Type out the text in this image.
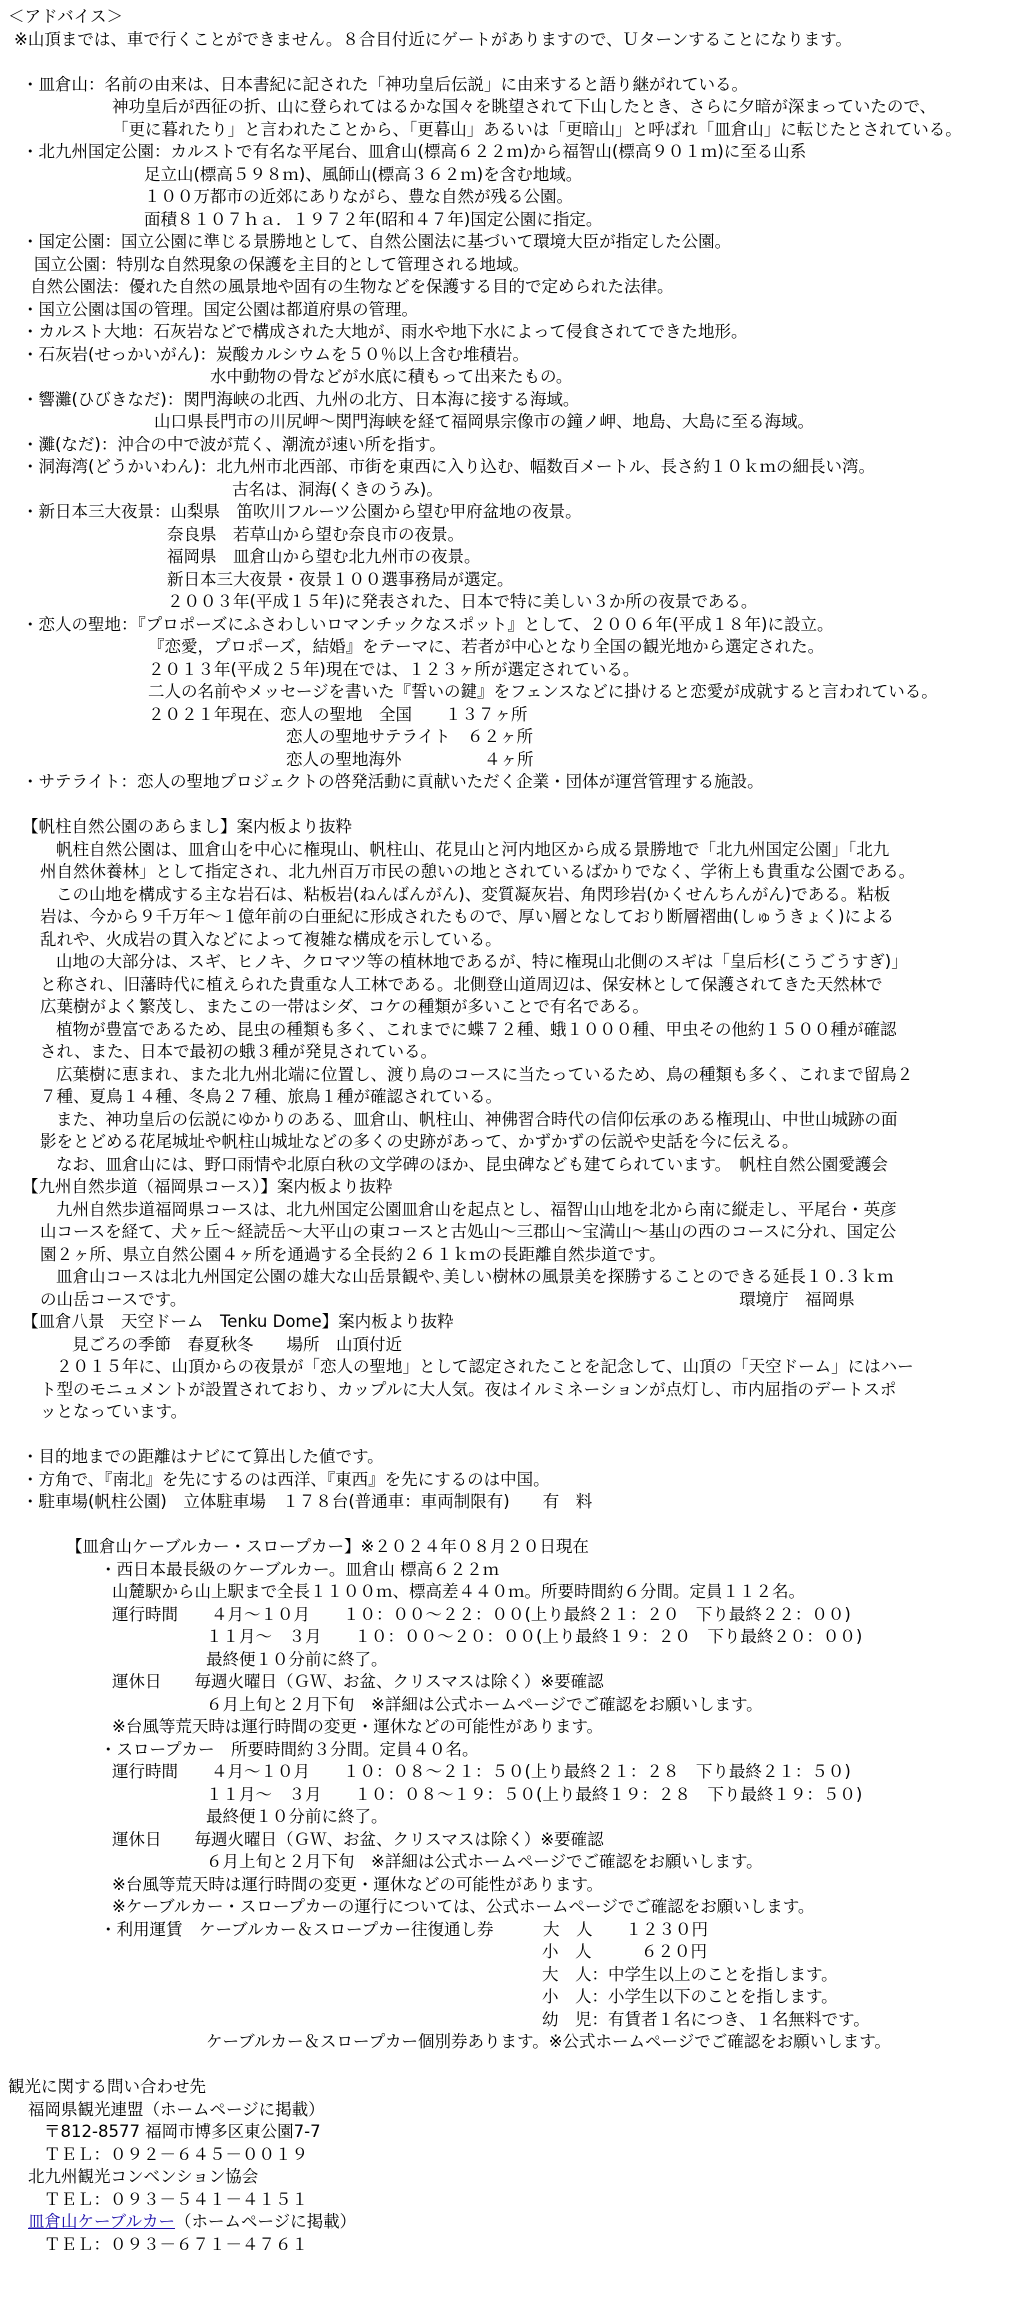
＜アドバイス＞
※山頂までは、車で行くことができません。８合目付近にゲートがありますので、Ｕターンすることになります。
・皿倉山：名前の由来は、日本書紀に記された「神功皇后伝説」に由来すると語り継がれている。
神功皇后が西征の折、山に登られてはるかな国々を眺望されて下山したとき、さらに夕暗が深まっていたので、
「更に暮れたり」と言われたことから、「更暮山」あるいは「更暗山」と呼ばれ「皿倉山」に転じたとされている。
・北九州国定公園：カルストで有名な平尾台、皿倉山(標高６２２ｍ)から福智山(標高９０１ｍ)に至る山系
足立山(標高５９８ｍ)、風師山(標高３６２ｍ)を含む地域。
１００万都市の近郊にありながら、豊な自然が残る公園。
面積８１０７ｈａ．１９７２年(昭和４７年)国定公園に指定。
・国定公園：国立公園に準じる景勝地として、自然公園法に基づいて環境大臣が指定した公園。
国立公園：特別な自然現象の保護を主目的として管理される地域。
自然公園法：優れた自然の風景地や固有の生物などを保護する目的で定められた法律。
・国立公園は国の管理。国定公園は都道府県の管理。
・カルスト大地：石灰岩などで構成された大地が、雨水や地下水によって侵食されてできた地形。
・石灰岩(せっかいがん)：炭酸カルシウムを５０％以上含む堆積岩。
水中動物の骨などが水底に積もって出来たもの。
・響灘(ひびきなだ)：関門海峡の北西、九州の北方、日本海に接する海域。
山口県長門市の川尻岬～関門海峡を経て福岡県宗像市の鐘ノ岬、地島、大島に至る海域。
・灘(なだ)：沖合の中で波が荒く、潮流が速い所を指す。
・洞海湾(どうかいわん)：北九州市北西部、市街を東西に入り込む、幅数百メートル、長さ約１０ｋｍの細長い湾。
古名は、洞海(くきのうみ)。
・新日本三大夜景：山梨県　笛吹川フルーツ公園から望む甲府盆地の夜景。
奈良県　若草山から望む奈良市の夜景。
福岡県　皿倉山から望む北九州市の夜景。
新日本三大夜景・夜景１００選事務局が選定。
２００３年(平成１５年)に発表された、日本で特に美しい３か所の夜景である。
・恋人の聖地：『プロポーズにふさわしいロマンチックなスポット』として、２００６年(平成１８年)に設立。
『恋愛，プロポーズ，結婚』をテーマに、若者が中心となり全国の観光地から選定された。
２０１３年(平成２５年)現在では、１２３ヶ所が選定されている。
二人の名前やメッセージを書いた『誓いの鍵』をフェンスなどに掛けると恋愛が成就すると言われている。
２０２１年現在、恋人の聖地　全国　　１３７ヶ所
恋人の聖地サテライト　６２ヶ所
恋人の聖地海外　　　　　４ヶ所
・サテライト：恋人の聖地プロジェクトの啓発活動に貢献いただく企業・団体が運営管理する施設。
【帆柱自然公園のあらまし】案内板より抜粋
帆柱自然公園は、皿倉山を中心に権現山、帆柱山、花見山と河内地区から成る景勝地で「北九州国定公園」「北九
州自然休養林」として指定され、北九州百万市民の憩いの地とされているばかりでなく、学術上も貴重な公園である。
この山地を構成する主な岩石は、粘板岩(ねんばんがん)、変質凝灰岩、角閃珍岩(かくせんちんがん)である。粘板
岩は、今から９千万年～１億年前の白亜紀に形成されたもので、厚い層となしており断層褶曲(しゅうきょく)による
乱れや、火成岩の貫入などによって複雑な構成を示している。
山地の大部分は、スギ、ヒノキ、クロマツ等の植林地であるが、特に権現山北側のスギは「皇后杉(こうごうすぎ)」
と称され、旧藩時代に植えられた貴重な人工林である。北側登山道周辺は、保安林として保護されてきた天然林で
広葉樹がよく繁茂し、またこの一帯はシダ、コケの種類が多いことで有名である。
植物が豊富であるため、昆虫の種類も多く、これまでに蝶７２種、蛾１０００種、甲虫その他約１５００種が確認
され、また、日本で最初の蛾３種が発見されている。
広葉樹に恵まれ、また北九州北端に位置し、渡り鳥のコースに当たっているため、鳥の種類も多く、これまで留鳥２
７種、夏鳥１４種、冬鳥２７種、旅鳥１種が確認されている。
また、神功皇后の伝説にゆかりのある、皿倉山、帆柱山、神佛習合時代の信仰伝承のある権現山、中世山城跡の面
影をとどめる花尾城址や帆柱山城址などの多くの史跡があって、かずかずの伝説や史話を今に伝える。
なお、皿倉山には、野口雨情や北原白秋の文学碑のほか、昆虫碑なども建てられています。　帆柱自然公園愛護会
【九州自然歩道（福岡県コース）】案内板より抜粋
九州自然歩道福岡県コースは、北九州国定公園皿倉山を起点とし、福智山山地を北から南に縦走し、平尾台・英彦
山コースを経て、犬ヶ丘～経読岳～大平山の東コースと古処山～三郡山～宝満山～基山の西のコースに分れ、国定公
園２ヶ所、県立自然公園４ヶ所を通過する全長約２６１ｋｍの長距離自然歩道です。
皿倉山コースは北九州国定公園の雄大な山岳景観や､美しい樹林の風景美を探勝することのできる延長１０.３ｋｍ
の山岳コースです。　　　　　　　　　　　　　　　　　　　　　　　　　　　　　　　　　　環境庁　福岡県
【皿倉八景　天空ドーム　Tenku Dome】案内板より抜粋
見ごろの季節　春夏秋冬　　場所　山頂付近
２０１５年に、山頂からの夜景が「恋人の聖地」として認定されたことを記念して、山頂の「天空ドーム」にはハー
ト型のモニュメントが設置されており、カップルに大人気。夜はイルミネーションが点灯し、市内屈指のデートスポ
ッとなっています。
・目的地までの距離はナビにて算出した値です。
・方角で、『南北』を先にするのは西洋、『東西』を先にするのは中国。
・駐車場(帆柱公園)　立体駐車場　１７８台(普通車：車両制限有)　　有　料
【皿倉山ケーブルカー・スロープカー】※２０２４年０８月２０日現在
・西日本最長級のケーブルカー。皿倉山 標高６２２ｍ
山麓駅から山上駅まで全長１１００ｍ、標高差４４０ｍ。所要時間約６分間。定員１１２名。
運行時間　　４月～１０月　　１０：００～２２：００(上り最終２１：２０　下り最終２２：００)
１１月～　３月　　１０：００～２０：００(上り最終１９：２０　下り最終２０：００)
最終便１０分前に終了。
運休日　　毎週火曜日（ＧＷ、お盆、クリスマスは除く）※要確認
６月上旬と２月下旬　※詳細は公式ホームページでご確認をお願いします。
※台風等荒天時は運行時間の変更・運休などの可能性があります。
・スロープカー　所要時間約３分間。定員４０名。
運行時間　　４月～１０月　　１０：０８～２１：５０(上り最終２１：２８　下り最終２１：５０)
１１月～　３月　　１０：０８～１９：５０(上り最終１９：２８　下り最終１９：５０)
最終便１０分前に終了。
運休日　　毎週火曜日（ＧＷ、お盆、クリスマスは除く）※要確認
６月上旬と２月下旬　※詳細は公式ホームページでご確認をお願いします。
※台風等荒天時は運行時間の変更・運休などの可能性があります。
※ケーブルカー・スロープカーの運行については、公式ホームページでご確認をお願いします。
・利用運賃　ケーブルカー＆スロープカー往復通し券　　　大　人　　１２３０円
小　人　　　６２０円
大　人：中学生以上のことを指します。
小　人：小学生以下のことを指します。
幼　児：有賃者１名につき、１名無料です。
ケーブルカー＆スロープカー個別券あります。※公式ホームページでご確認をお願いします。
観光に関する問い合わせ先
福岡県観光連盟（ホームページに掲載）
〒812-8577 福岡市博多区東公園7-7
ＴＥＬ：０９２－６４５－００１９
北九州観光コンベンション協会
ＴＥＬ：０９３－５４１－４１５１
皿倉山ケーブルカー（ホームページに掲載）
ＴＥＬ：０９３－６７１－４７６１
